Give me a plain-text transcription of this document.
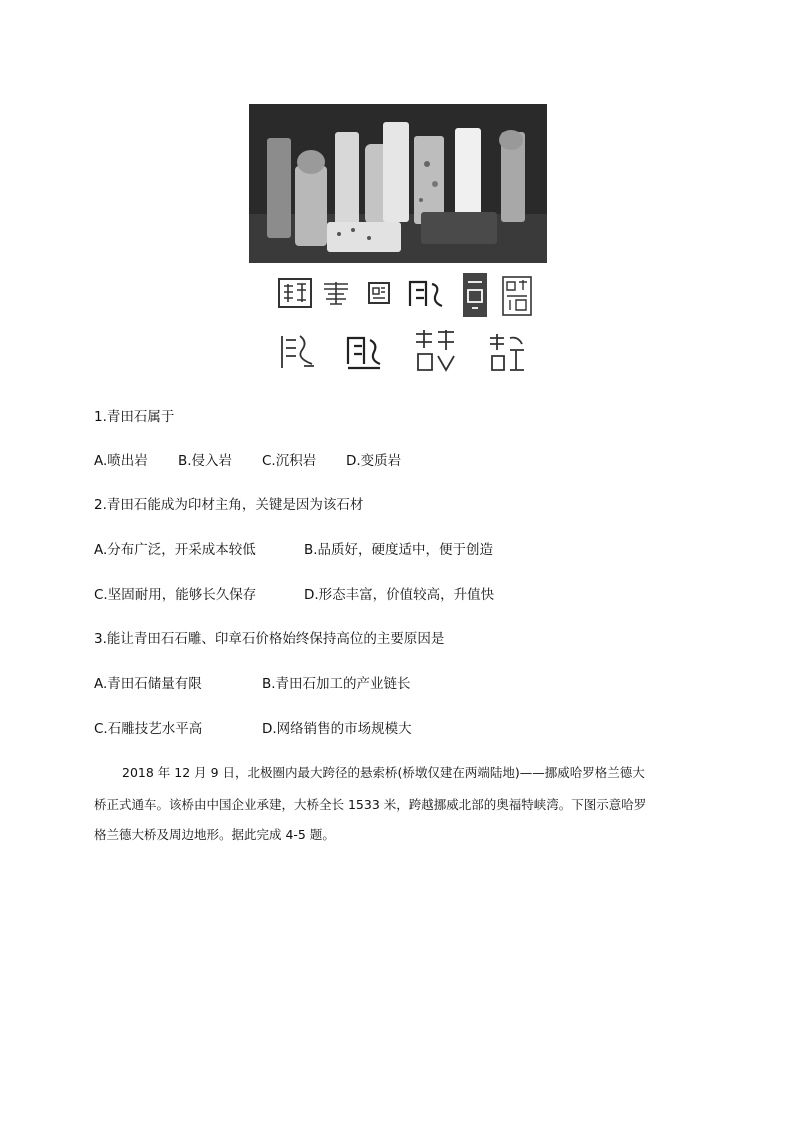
1.青田石属于
A.喷出岩 B.侵入岩 C.沉积岩 D.变质岩
2.青田石能成为印材主角，关键是因为该石材
A.分布广泛，开采成本较低	B.品质好，硬度适中，便于创造
C.坚固耐用，能够长久保存	D.形态丰富，价值较高，升值快
3.能让青田石石雕、印章石价格始终保持高位的主要原因是
A.青田石储量有限	B.青田石加工的产业链长
C.石雕技艺水平高	D.网络销售的市场规模大
2018 年 12 月 9 日，北极圈内最大跨径的悬索桥(桥墩仅建在两端陆地)——挪威哈罗格兰德大
桥正式通车。该桥由中国企业承建，大桥全长 1533 米，跨越挪威北部的奥福特峡湾。下图示意哈罗
格兰德大桥及周边地形。据此完成 4-5 题。
